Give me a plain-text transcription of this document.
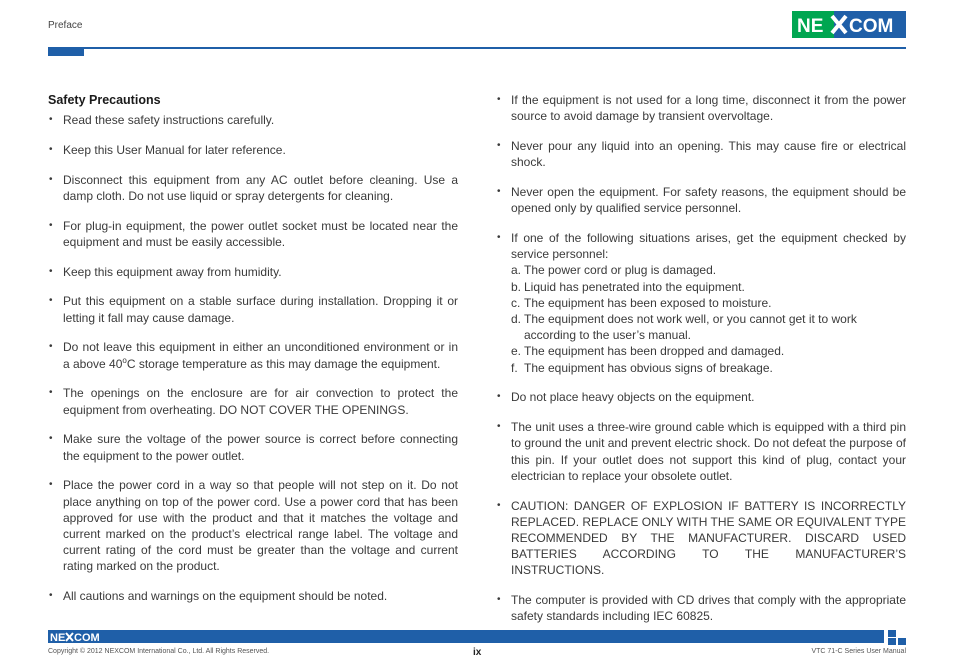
Preface	NE COM
Safety Precautions
• Read these safety instructions carefully.
• Keep this User Manual for later reference.
• Disconnect this equipment from any AC outlet before cleaning. Use a damp cloth. Do not use liquid or spray detergents for cleaning.
• For plug-in equipment, the power outlet socket must be located near the equipment and must be easily accessible.
• Keep this equipment away from humidity.
• Put this equipment on a stable surface during installation. Dropping it or letting it fall may cause damage.
• Do not leave this equipment in either an unconditioned environment or in a above 40$^o$C storage temperature as this may damage the equipment.
• The openings on the enclosure are for air convection to protect the equipment from overheating. DO NOT COVER THE OPENINGS.
• Make sure the voltage of the power source is correct before connecting the equipment to the power outlet.
• Place the power cord in a way so that people will not step on it. Do not place anything on top of the power cord. Use a power cord that has been approved for use with the product and that it matches the voltage and current marked on the product’s electrical range label. The voltage and current rating of the cord must be greater than the voltage and current rating marked on the product.
• All cautions and warnings on the equipment should be noted.
• If the equipment is not used for a long time, disconnect it from the power source to avoid damage by transient overvoltage.
• Never pour any liquid into an opening. This may cause fire or electrical shock.
• Never open the equipment. For safety reasons, the equipment should be opened only by qualified service personnel.
• If one of the following situations arises, get the equipment checked by service personnel:
a. The power cord or plug is damaged.
b. Liquid has penetrated into the equipment.
c. The equipment has been exposed to moisture.
d. The equipment does not work well, or you cannot get it to work according to the user’s manual.
e. The equipment has been dropped and damaged.
f. The equipment has obvious signs of breakage.
• Do not place heavy objects on the equipment.
• The unit uses a three-wire ground cable which is equipped with a third pin to ground the unit and prevent electric shock. Do not defeat the purpose of this pin. If your outlet does not support this kind of plug, contact your electrician to replace your obsolete outlet.
• CAUTION: DANGER OF EXPLOSION IF BATTERY IS INCORRECTLY REPLACED. REPLACE ONLY WITH THE SAME OR EQUIVALENT TYPE RECOMMENDED BY THE MANUFACTURER. DISCARD USED BATTERIES ACCORDING TO THE MANUFACTURER’S INSTRUCTIONS.
• The computer is provided with CD drives that comply with the appropriate safety standards including IEC 60825.
NE COM
Copyright © 2012 NEXCOM International Co., Ltd. All Rights Reserved.	ix	VTC 71-C Series User Manual
